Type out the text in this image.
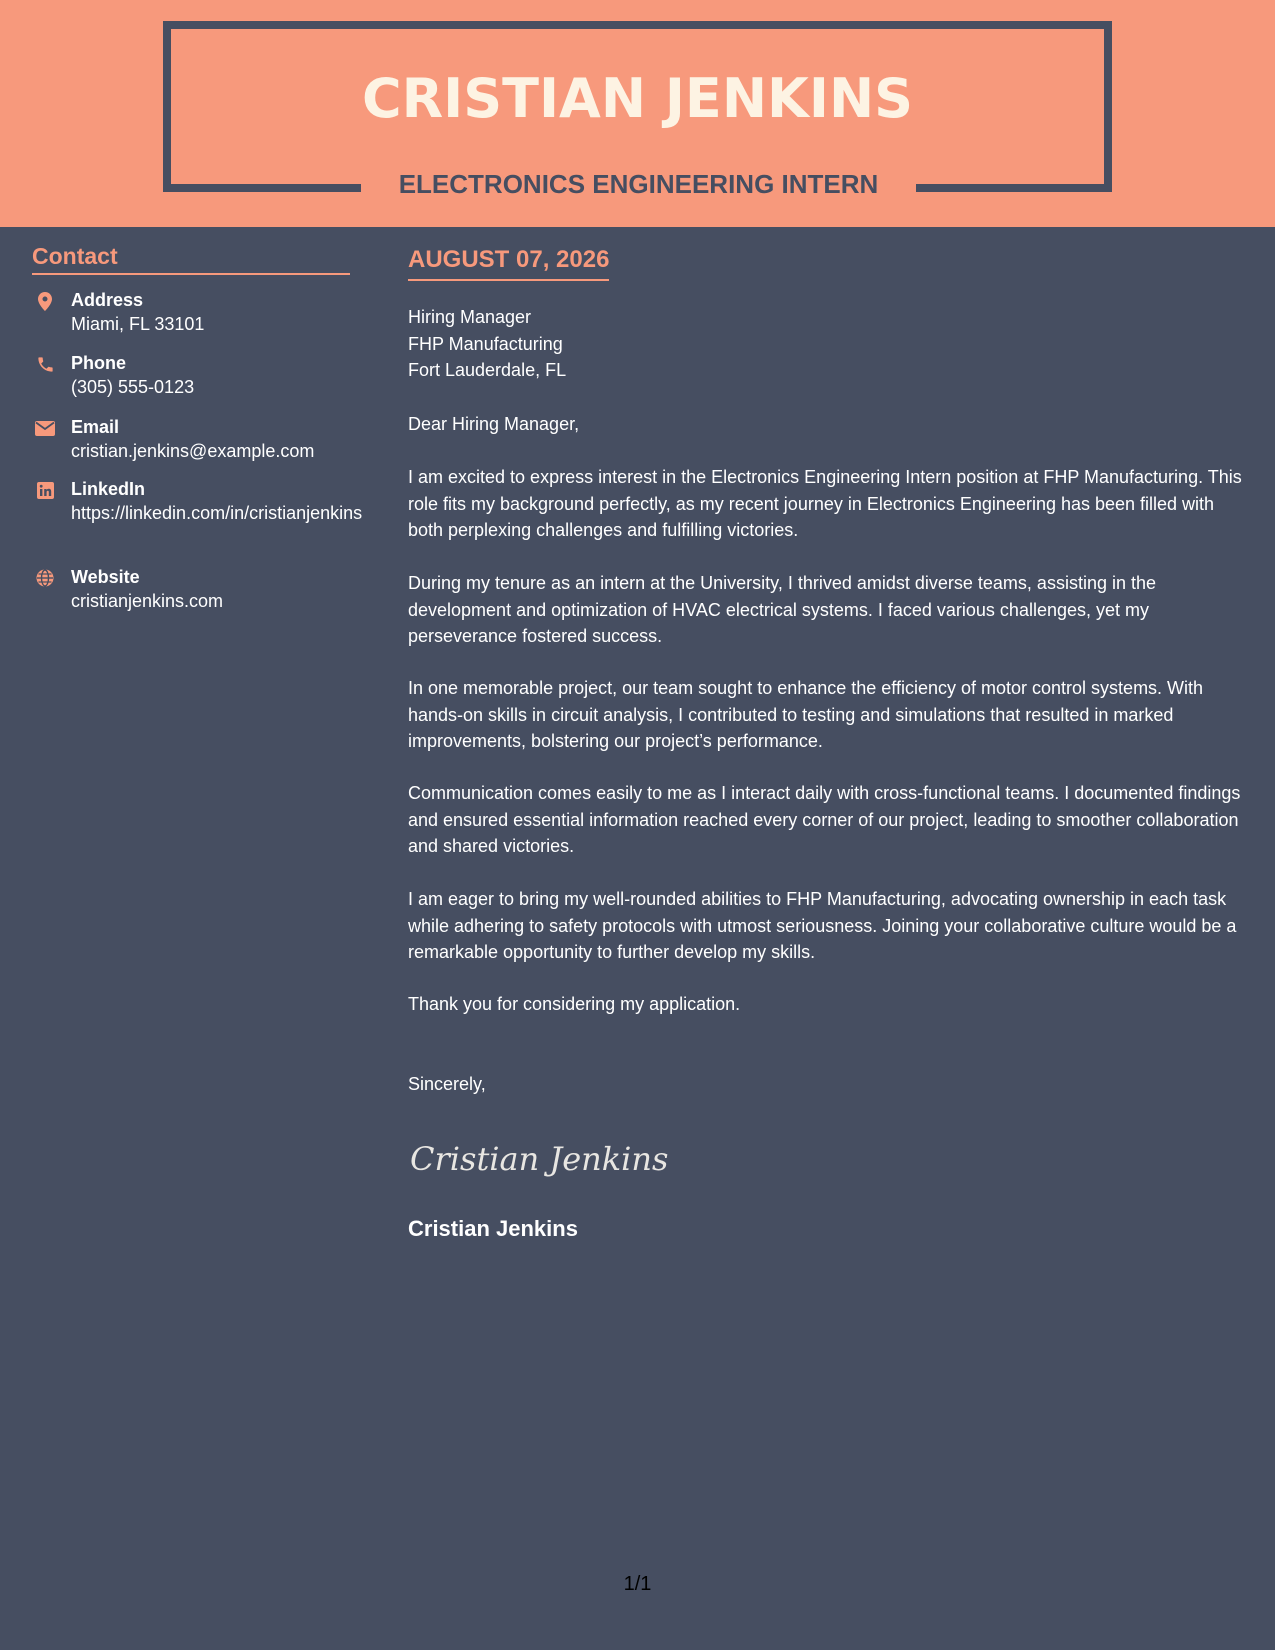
CRISTIAN JENKINS
ELECTRONICS ENGINEERING INTERN
Contact
Address
Miami, FL 33101
Phone
(305) 555-0123
Email
cristian.jenkins@example.com
LinkedIn
https://linkedin.com/in/cristianjenkins
Website
cristianjenkins.com
AUGUST 07, 2026
Hiring Manager
FHP Manufacturing
Fort Lauderdale, FL

Dear Hiring Manager,

I am excited to express interest in the Electronics Engineering Intern position at FHP Manufacturing. This role fits my background perfectly, as my recent journey in Electronics Engineering has been filled with both perplexing challenges and fulfilling victories.

During my tenure as an intern at the University, I thrived amidst diverse teams, assisting in the development and optimization of HVAC electrical systems. I faced various challenges, yet my perseverance fostered success.

In one memorable project, our team sought to enhance the efficiency of motor control systems. With hands-on skills in circuit analysis, I contributed to testing and simulations that resulted in marked improvements, bolstering our project’s performance.

Communication comes easily to me as I interact daily with cross-functional teams. I documented findings and ensured essential information reached every corner of our project, leading to smoother collaboration and shared victories.

I am eager to bring my well-rounded abilities to FHP Manufacturing, advocating ownership in each task while adhering to safety protocols with utmost seriousness. Joining your collaborative culture would be a remarkable opportunity to further develop my skills.

Thank you for considering my application.

Sincerely,

Cristian Jenkins
Cristian Jenkins
1/1
